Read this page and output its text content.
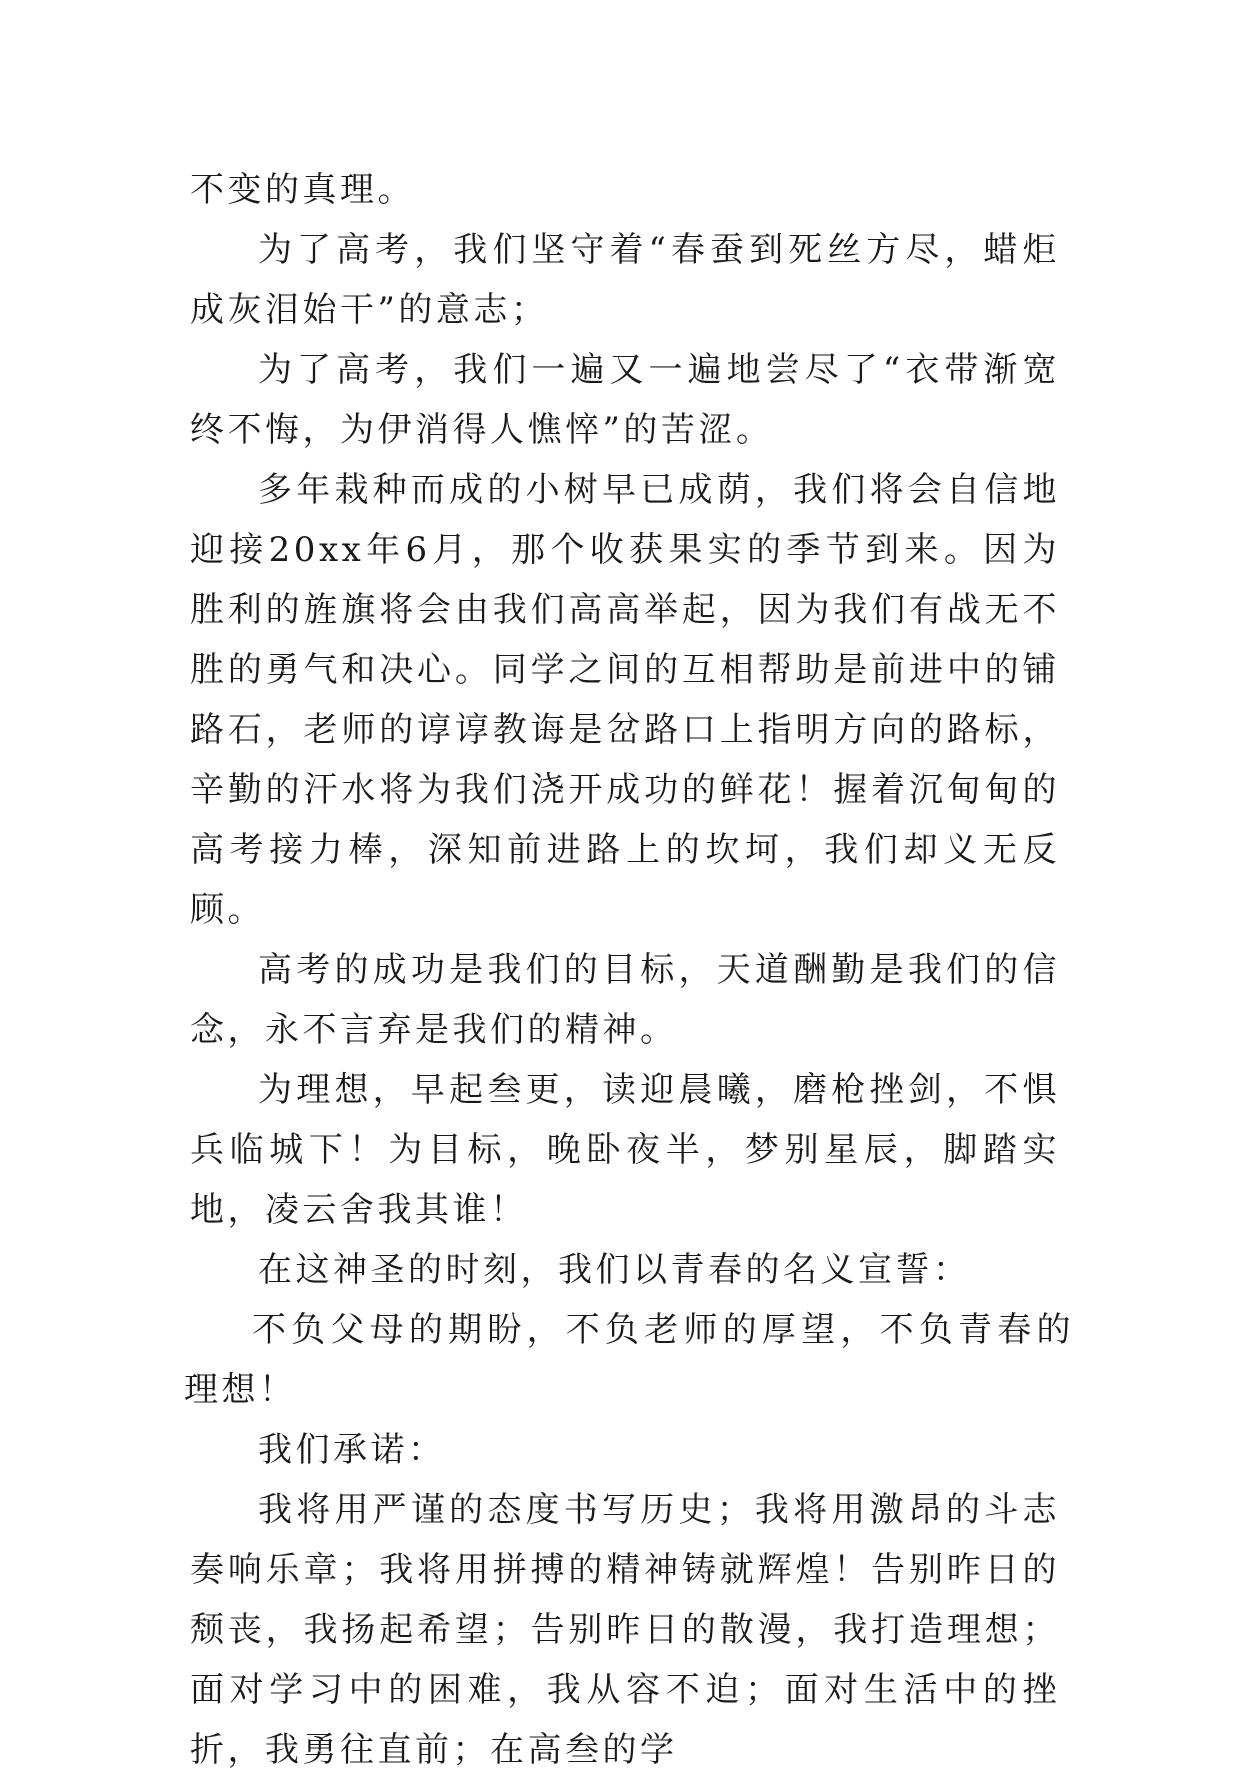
不变的真理。

为了高考，我们坚守着“春蚕到死丝方尽，蜡炬成灰泪始干”的意志；

为了高考，我们一遍又一遍地尝尽了“衣带渐宽终不悔，为伊消得人憔悴”的苦涩。

多年栽种而成的小树早已成荫，我们将会自信地迎接20xx年6月，那个收获果实的季节到来。因为胜利的旌旗将会由我们高高举起，因为我们有战无不胜的勇气和决心。同学之间的互相帮助是前进中的铺路石，老师的谆谆教诲是岔路口上指明方向的路标，辛勤的汗水将为我们浇开成功的鲜花！握着沉甸甸的高考接力棒，深知前进路上的坎坷，我们却义无反顾。

高考的成功是我们的目标，天道酬勤是我们的信念，永不言弃是我们的精神。

为理想，早起叁更，读迎晨曦，磨枪挫剑，不惧兵临城下！为目标，晚卧夜半，梦别星辰，脚踏实地，凌云舍我其谁！

在这神圣的时刻，我们以青春的名义宣誓：

不负父母的期盼，不负老师的厚望，不负青春的理想！

我们承诺：

我将用严谨的态度书写历史；我将用激昂的斗志奏响乐章；我将用拼搏的精神铸就辉煌！告别昨日的颓丧，我扬起希望；告别昨日的散漫，我打造理想；面对学习中的困难，我从容不迫；面对生活中的挫折，我勇往直前；在高叁的学
